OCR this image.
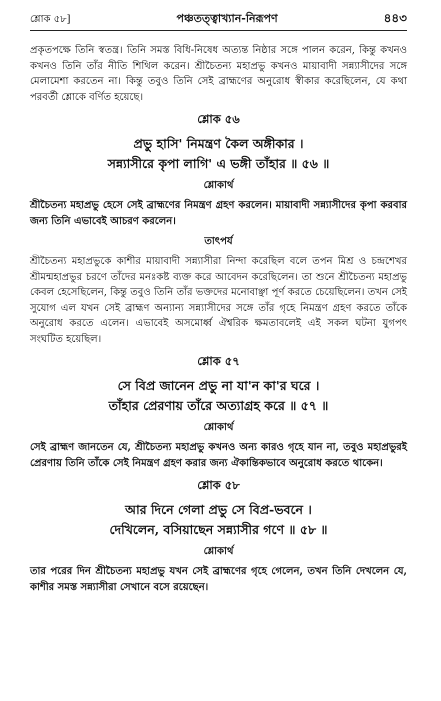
শ্লোক ৫৮]	পঞ্চতত্ত্বাখ্যান-নিরূপণ	৪৪৩

প্রকৃতপক্ষে তিনি স্বতন্ত্র। তিনি সমস্ত বিধি-নিষেধ অত্যন্ত নিষ্ঠার সঙ্গে পালন করেন, কিন্তু কখনও কখনও তিনি তাঁর নীতি শিথিল করেন। শ্রীচৈতন্য মহাপ্রভু কখনও মায়াবাদী সন্ন্যাসীদের সঙ্গে মেলামেশা করতেন না। কিন্তু তবুও তিনি সেই ব্রাহ্মণের অনুরোধ স্বীকার করেছিলেন, যে কথা পরবর্তী শ্লোকে বর্ণিত হয়েছে।

শ্লোক ৫৬
প্রভু হাসি' নিমন্ত্রণ কৈল অঙ্গীকার ।
সন্ন্যাসীরে কৃপা লাগি' এ ভঙ্গী তাঁহার ॥ ৫৬ ॥
শ্লোকার্থ

শ্রীচৈতন্য মহাপ্রভু হেসে সেই ব্রাহ্মণের নিমন্ত্রণ গ্রহণ করলেন। মায়াবাদী সন্ন্যাসীদের কৃপা করবার জন্য তিনি এভাবেই আচরণ করলেন।

তাৎপর্য

শ্রীচৈতন্য মহাপ্রভুকে কাশীর মায়াবাদী সন্ন্যাসীরা নিন্দা করেছিল বলে তপন মিশ্র ও চন্দ্রশেখর শ্রীমন্মহাপ্রভুর চরণে তাঁদের মনঃকষ্ট ব্যক্ত করে আবেদন করেছিলেন। তা শুনে শ্রীচৈতন্য মহাপ্রভু কেবল হেসেছিলেন, কিন্তু তবুও তিনি তাঁর ভক্তদের মনোবাঞ্ছা পূর্ণ করতে চেয়েছিলেন। তখন সেই সুযোগ এল যখন সেই ব্রাহ্মণ অন্যান্য সন্ন্যাসীদের সঙ্গে তাঁর গৃহে নিমন্ত্রণ গ্রহণ করতে তাঁকে অনুরোধ করতে এলেন। এভাবেই অসমোর্ধ্ব ঐশ্বরিক ক্ষমতাবলেই এই সকল ঘটনা যুগপৎ সংঘটিত হয়েছিল।

শ্লোক ৫৭
সে বিপ্র জানেন প্রভু না যা'ন কা'র ঘরে ।
তাঁহার প্রেরণায় তাঁরে অত্যাগ্রহ করে ॥ ৫৭ ॥
শ্লোকার্থ

সেই ব্রাহ্মণ জানতেন যে, শ্রীচৈতন্য মহাপ্রভু কখনও অন্য কারও গৃহে যান না, তবুও মহাপ্রভুরই প্রেরণায় তিনি তাঁকে সেই নিমন্ত্রণ গ্রহণ করার জন্য ঐকান্তিকভাবে অনুরোধ করতে থাকেন।

শ্লোক ৫৮
আর দিনে গেলা প্রভু সে বিপ্র-ভবনে ।
দেখিলেন, বসিয়াছেন সন্ন্যাসীর গণে ॥ ৫৮ ॥
শ্লোকার্থ

তার পরের দিন শ্রীচৈতন্য মহাপ্রভু যখন সেই ব্রাহ্মণের গৃহে গেলেন, তখন তিনি দেখলেন যে, কাশীর সমস্ত সন্ন্যাসীরা সেখানে বসে রয়েছেন।
